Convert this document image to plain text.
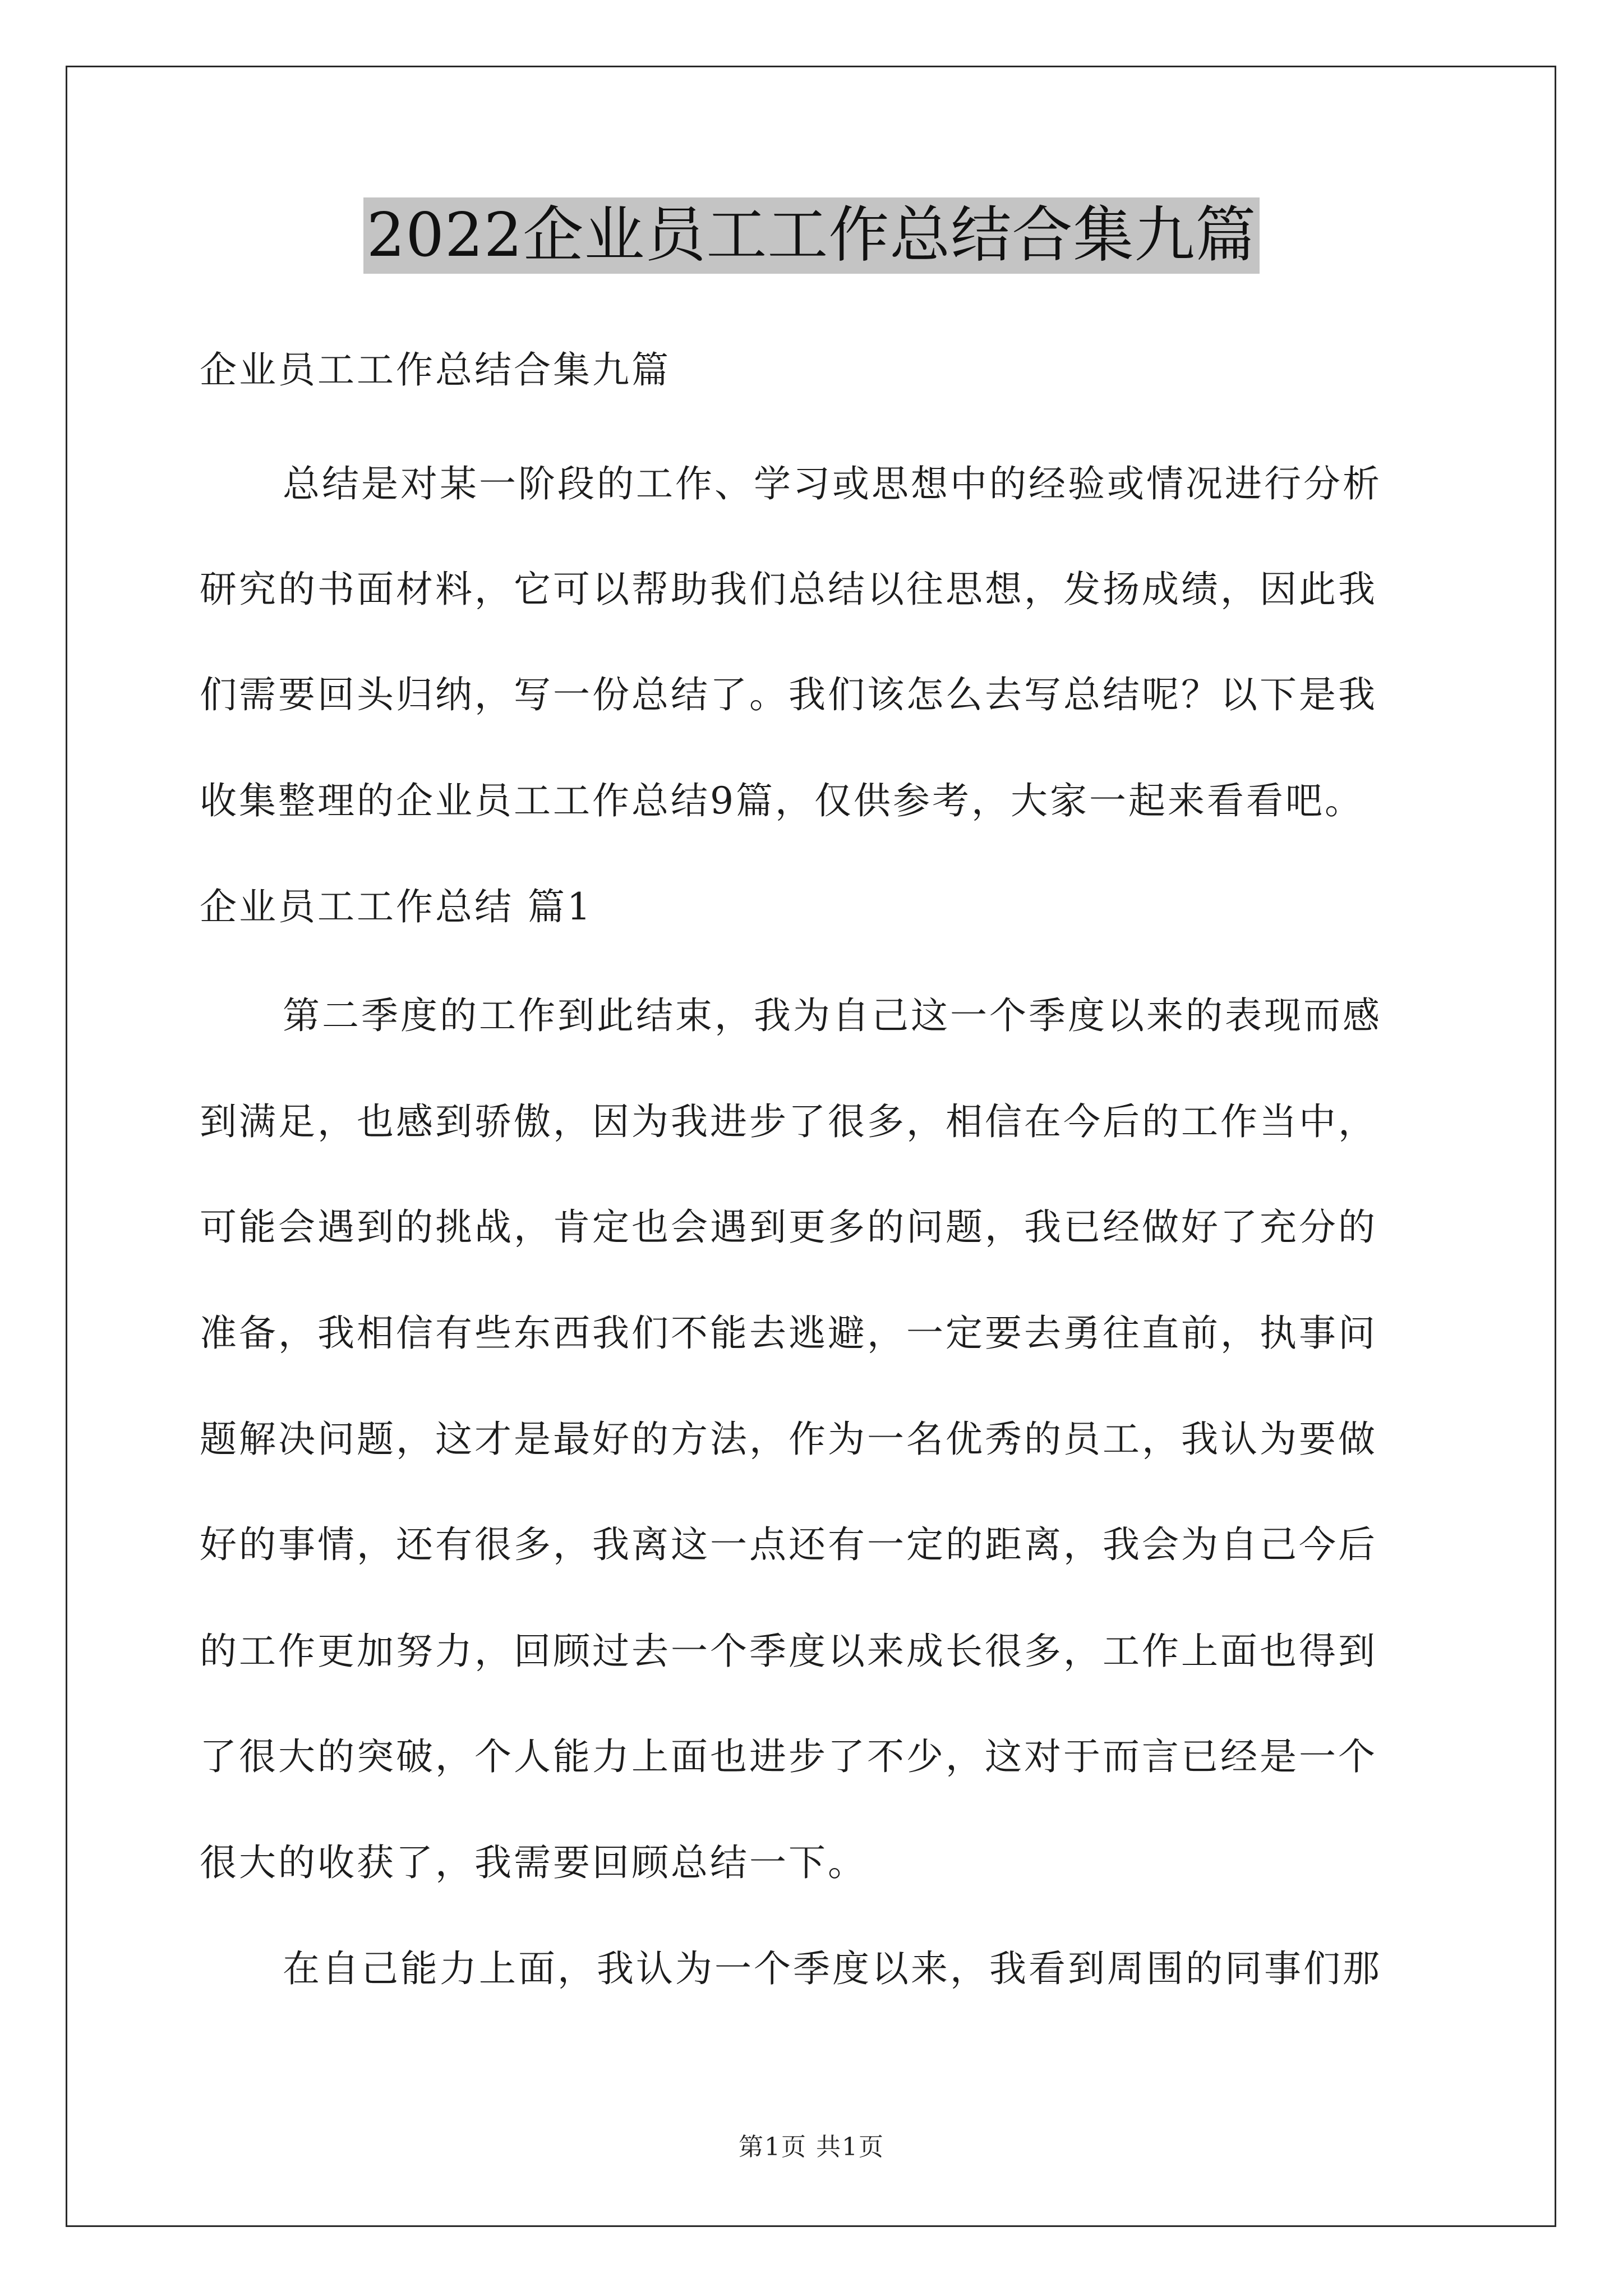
2022企业员工工作总结合集九篇
企业员工工作总结合集九篇
总结是对某一阶段的工作、学习或思想中的经验或情况进行分析
研究的书面材料，它可以帮助我们总结以往思想，发扬成绩，因此我
们需要回头归纳，写一份总结了。我们该怎么去写总结呢？以下是我
收集整理的企业员工工作总结9篇，仅供参考，大家一起来看看吧。
企业员工工作总结 篇1
第二季度的工作到此结束，我为自己这一个季度以来的表现而感
到满足，也感到骄傲，因为我进步了很多，相信在今后的工作当中，
可能会遇到的挑战，肯定也会遇到更多的问题，我已经做好了充分的
准备，我相信有些东西我们不能去逃避，一定要去勇往直前，执事问
题解决问题，这才是最好的方法，作为一名优秀的员工，我认为要做
好的事情，还有很多，我离这一点还有一定的距离，我会为自己今后
的工作更加努力，回顾过去一个季度以来成长很多，工作上面也得到
了很大的突破，个人能力上面也进步了不少，这对于而言已经是一个
很大的收获了，我需要回顾总结一下。
在自己能力上面，我认为一个季度以来，我看到周围的同事们那
第1页 共1页
